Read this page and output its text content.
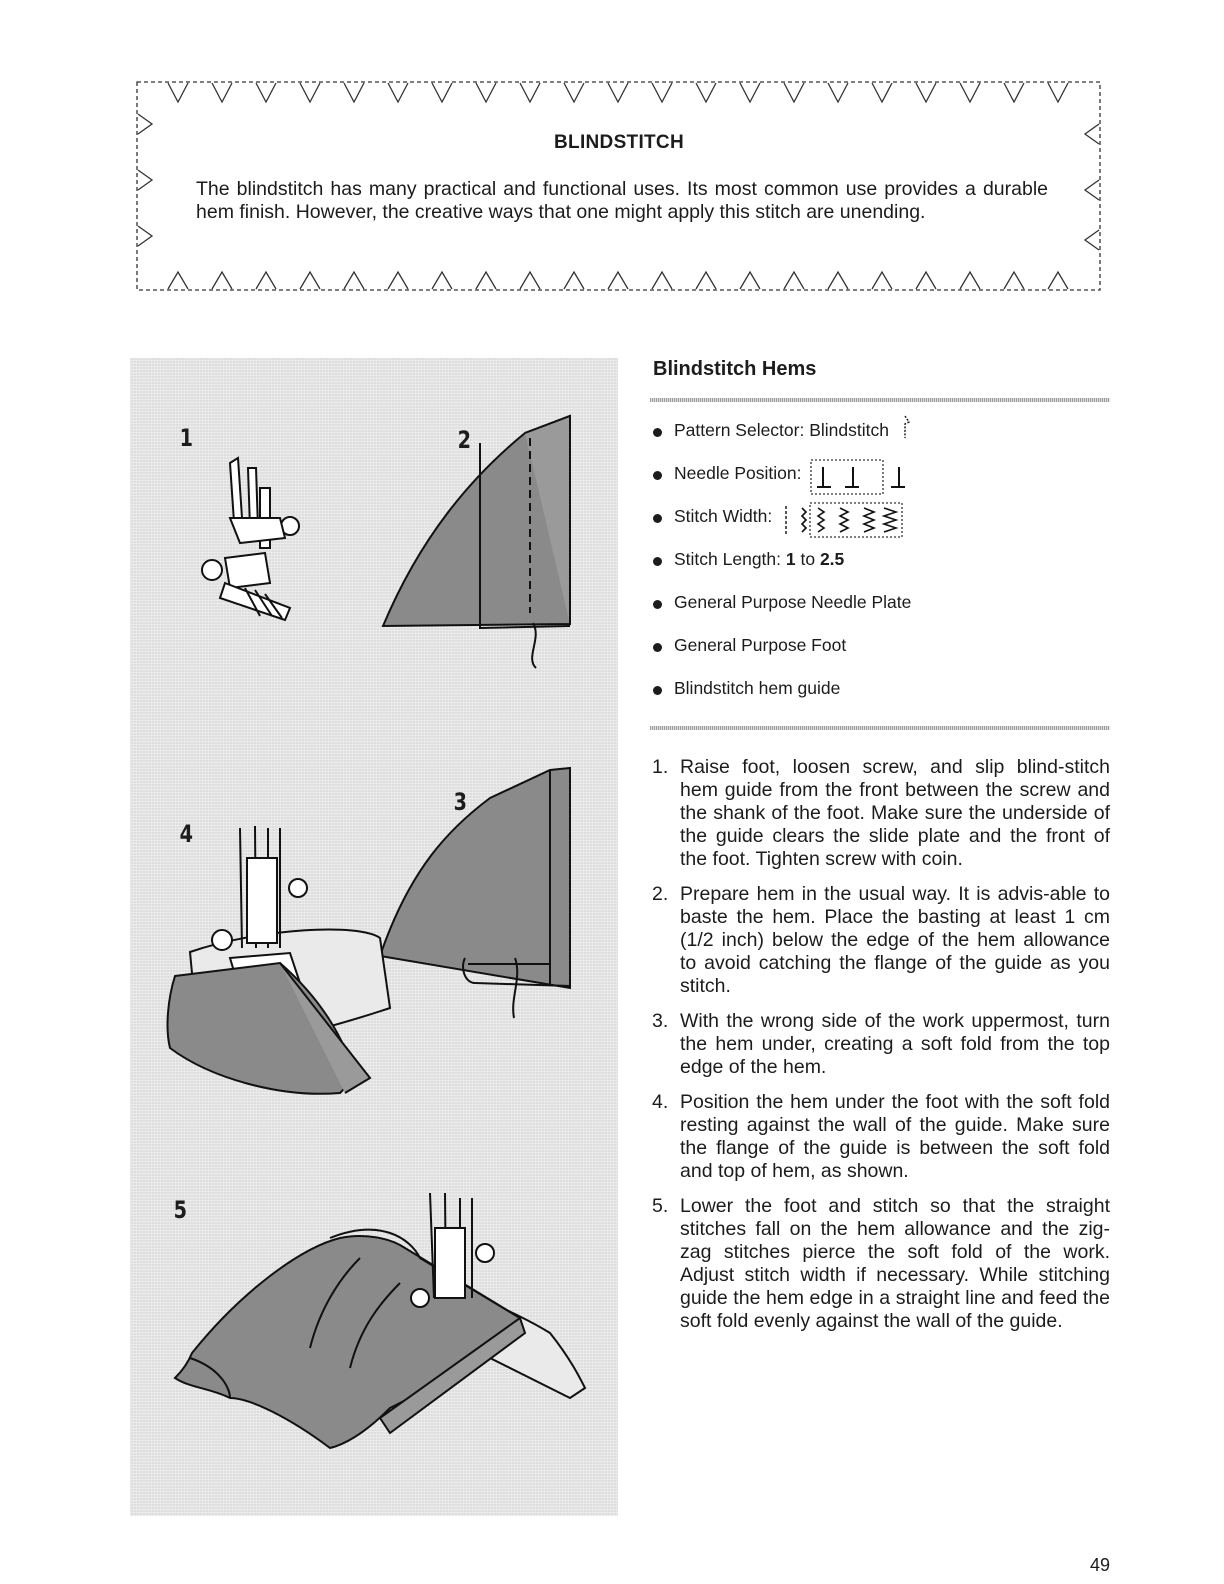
BLINDSTITCH
The blindstitch has many practical and functional uses. Its most common use provides a durable hem finish. However, the creative ways that one might apply this stitch are unending.
1	2
3
4
5
Blindstitch Hems
Pattern Selector: Blindstitch
Needle Position:
Stitch Width:
Stitch Length: 1 to 2.5
General Purpose Needle Plate
General Purpose Foot
Blindstitch hem guide
1. Raise foot, loosen screw, and slip blind-stitch hem guide from the front between the screw and the shank of the foot. Make sure the underside of the guide clears the slide plate and the front of the foot. Tighten screw with coin.
2. Prepare hem in the usual way. It is advis-able to baste the hem. Place the basting at least 1 cm (1/2 inch) below the edge of the hem allowance to avoid catching the flange of the guide as you stitch.
3. With the wrong side of the work uppermost, turn the hem under, creating a soft fold from the top edge of the hem.
4. Position the hem under the foot with the soft fold resting against the wall of the guide. Make sure the flange of the guide is between the soft fold and top of hem, as shown.
5. Lower the foot and stitch so that the straight stitches fall on the hem allowance and the zig-zag stitches pierce the soft fold of the work. Adjust stitch width if necessary. While stitching guide the hem edge in a straight line and feed the soft fold evenly against the wall of the guide.
49
